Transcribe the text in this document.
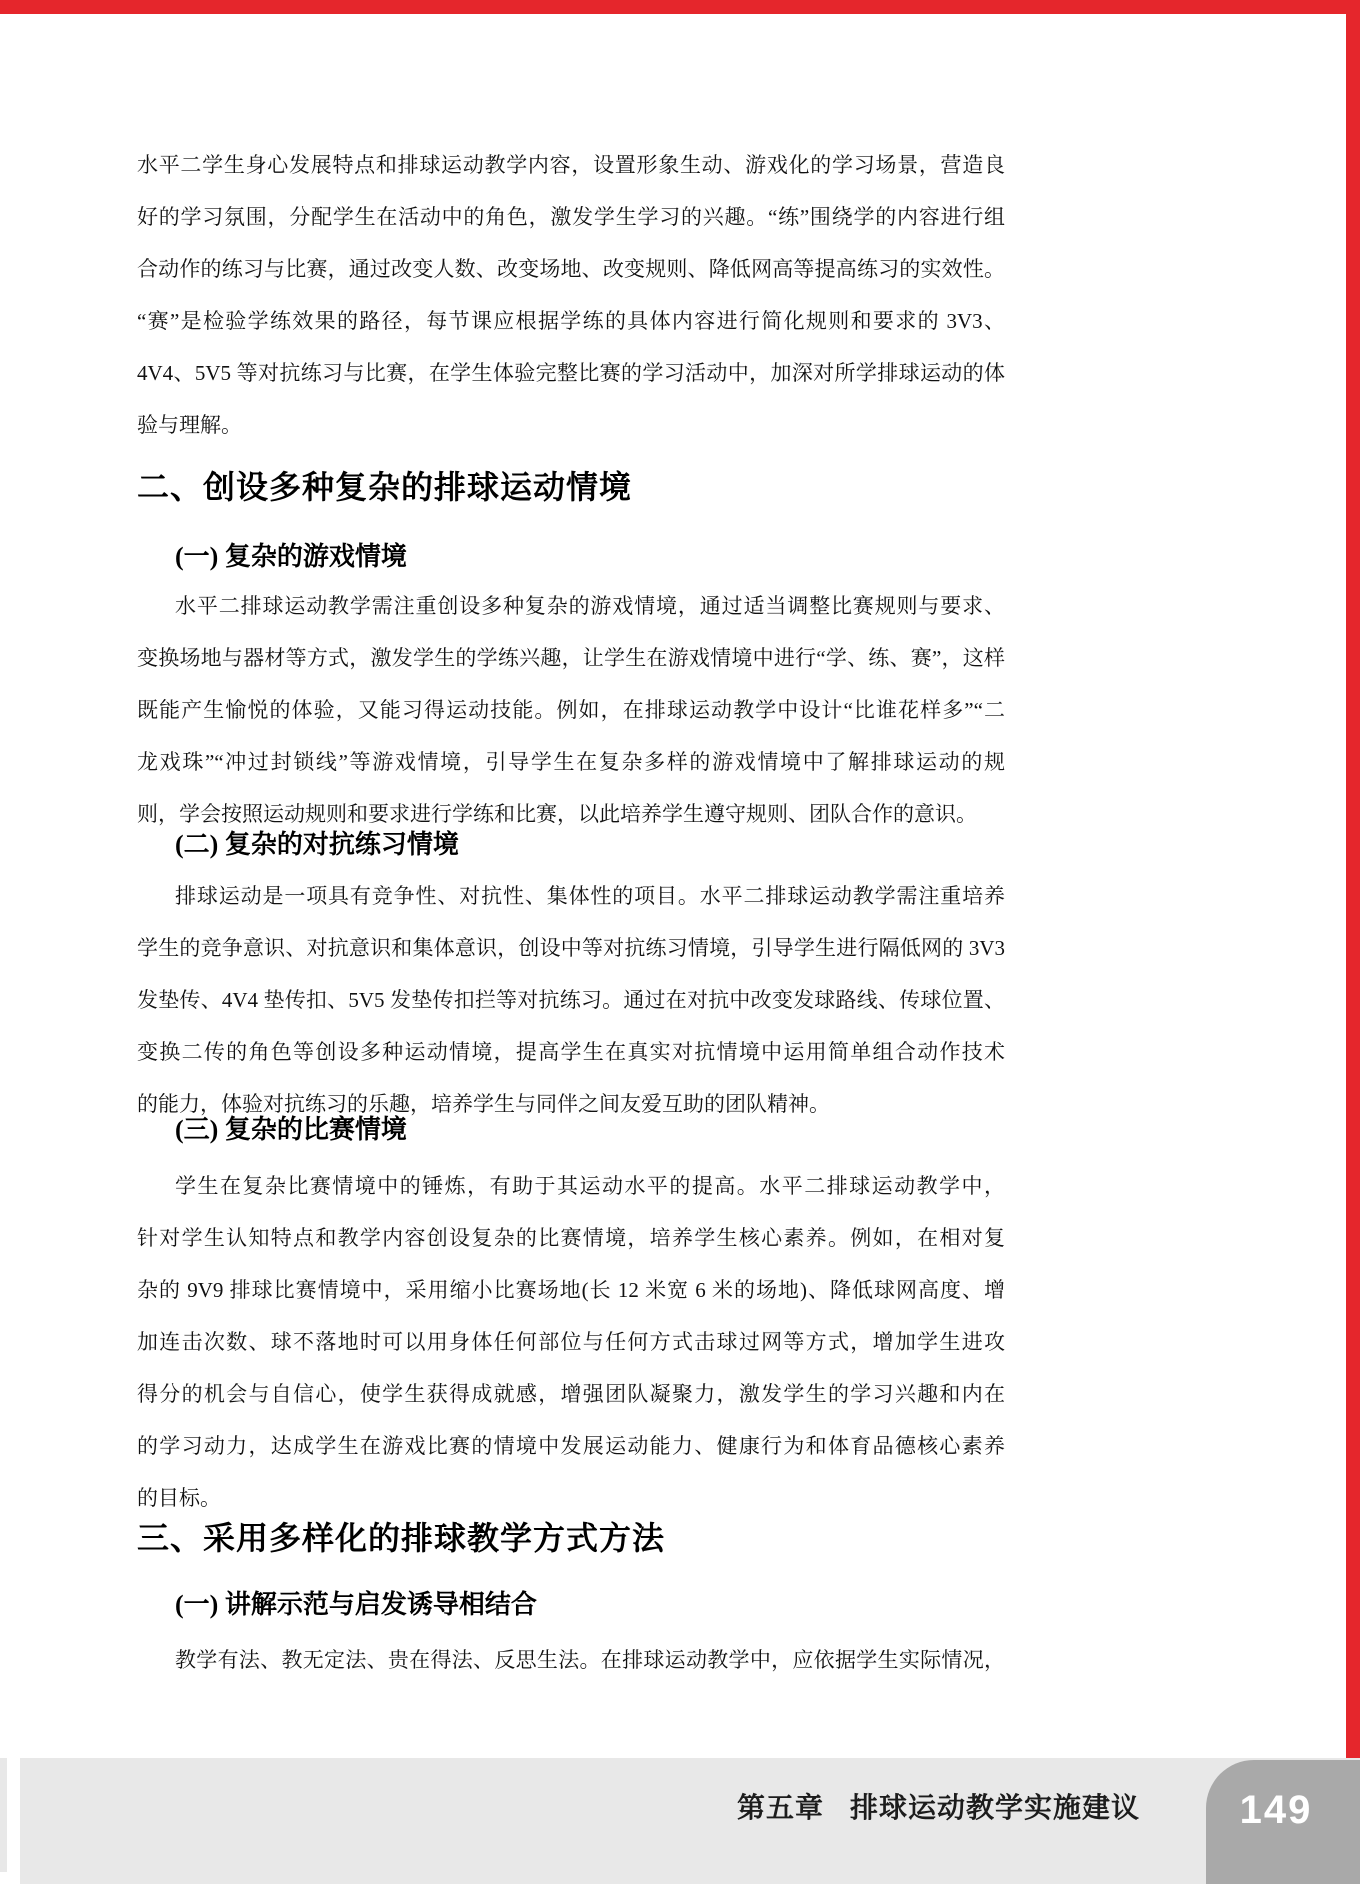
水平二学生身心发展特点和排球运动教学内容，设置形象生动、游戏化的学习场景，营造良
好的学习氛围，分配学生在活动中的角色，激发学生学习的兴趣。“练”围绕学的内容进行组
合动作的练习与比赛，通过改变人数、改变场地、改变规则、降低网高等提高练习的实效性。
“赛”是检验学练效果的路径，每节课应根据学练的具体内容进行简化规则和要求的 3V3、
4V4、5V5 等对抗练习与比赛，在学生体验完整比赛的学习活动中，加深对所学排球运动的体
验与理解。
二、创设多种复杂的排球运动情境
(一) 复杂的游戏情境
水平二排球运动教学需注重创设多种复杂的游戏情境，通过适当调整比赛规则与要求、
变换场地与器材等方式，激发学生的学练兴趣，让学生在游戏情境中进行“学、练、赛”，这样
既能产生愉悦的体验，又能习得运动技能。例如，在排球运动教学中设计“比谁花样多”“二
龙戏珠”“冲过封锁线”等游戏情境，引导学生在复杂多样的游戏情境中了解排球运动的规
则，学会按照运动规则和要求进行学练和比赛，以此培养学生遵守规则、团队合作的意识。
(二) 复杂的对抗练习情境
排球运动是一项具有竞争性、对抗性、集体性的项目。水平二排球运动教学需注重培养
学生的竞争意识、对抗意识和集体意识，创设中等对抗练习情境，引导学生进行隔低网的 3V3
发垫传、4V4 垫传扣、5V5 发垫传扣拦等对抗练习。通过在对抗中改变发球路线、传球位置、
变换二传的角色等创设多种运动情境，提高学生在真实对抗情境中运用简单组合动作技术
的能力，体验对抗练习的乐趣，培养学生与同伴之间友爱互助的团队精神。
(三) 复杂的比赛情境
学生在复杂比赛情境中的锤炼，有助于其运动水平的提高。水平二排球运动教学中，
针对学生认知特点和教学内容创设复杂的比赛情境，培养学生核心素养。例如，在相对复
杂的 9V9 排球比赛情境中，采用缩小比赛场地(长 12 米宽 6 米的场地)、降低球网高度、增
加连击次数、球不落地时可以用身体任何部位与任何方式击球过网等方式，增加学生进攻
得分的机会与自信心，使学生获得成就感，增强团队凝聚力，激发学生的学习兴趣和内在
的学习动力，达成学生在游戏比赛的情境中发展运动能力、健康行为和体育品德核心素养
的目标。
三、采用多样化的排球教学方式方法
(一) 讲解示范与启发诱导相结合
教学有法、教无定法、贵在得法、反思生法。在排球运动教学中，应依据学生实际情况，
第五章 排球运动教学实施建议 149
